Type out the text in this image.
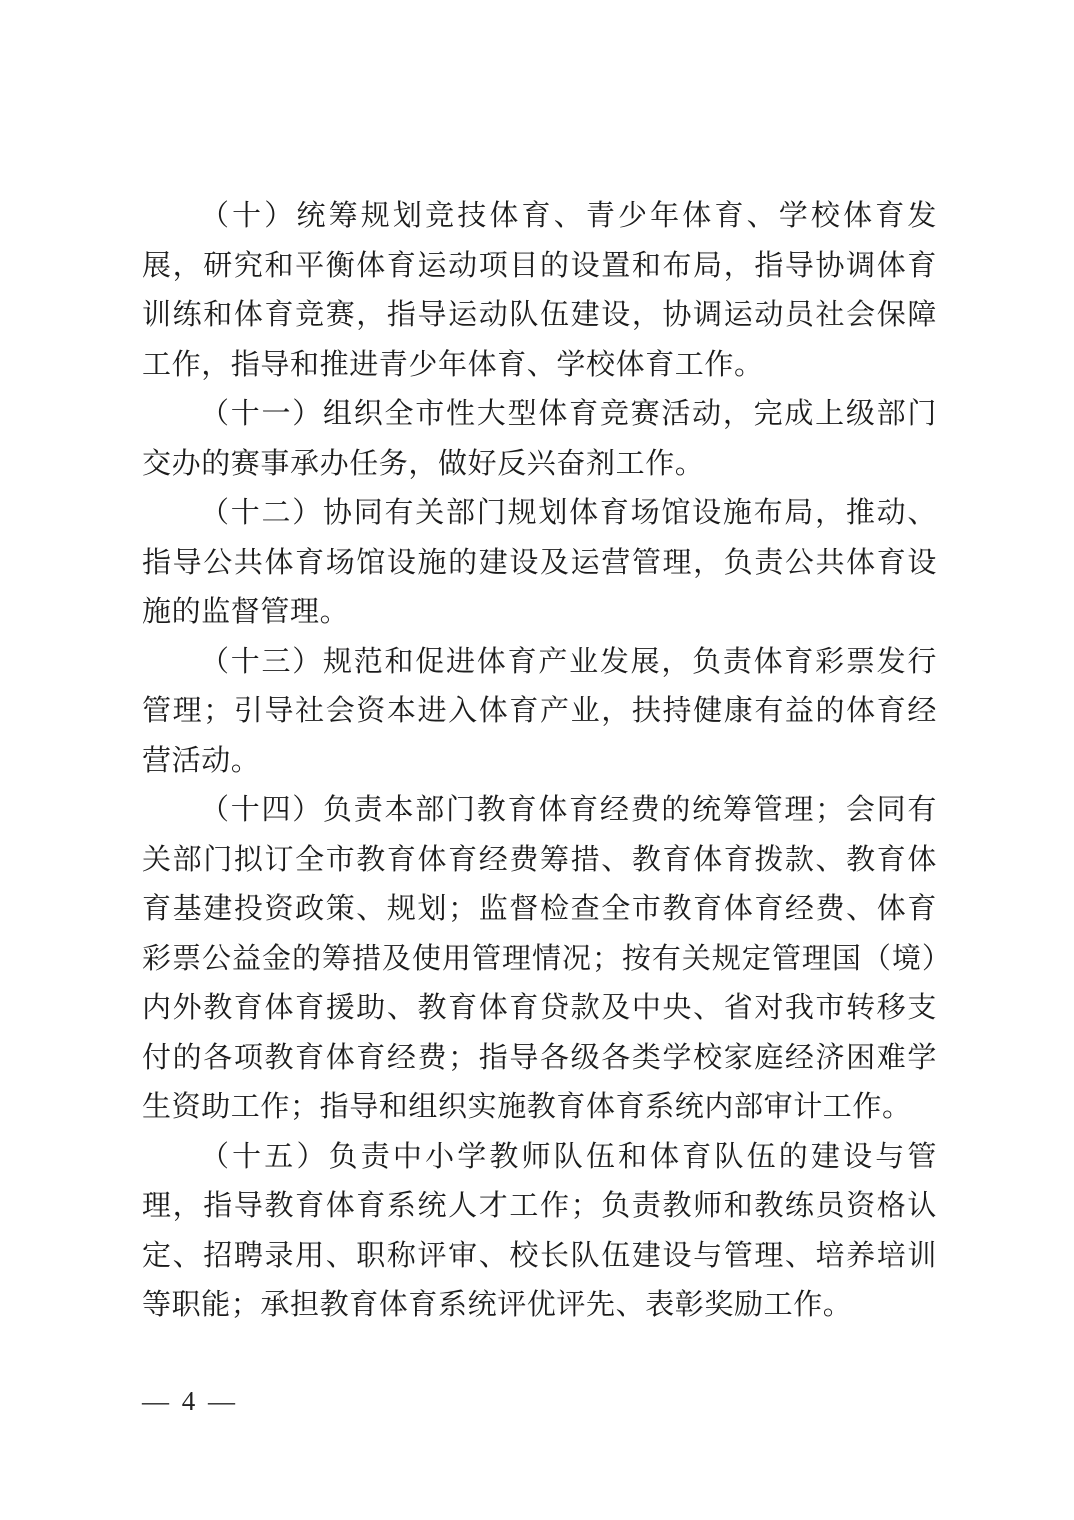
（十）统筹规划竞技体育、青少年体育、学校体育发展，研究和平衡体育运动项目的设置和布局，指导协调体育训练和体育竞赛，指导运动队伍建设，协调运动员社会保障工作，指导和推进青少年体育、学校体育工作。

（十一）组织全市性大型体育竞赛活动，完成上级部门交办的赛事承办任务，做好反兴奋剂工作。

（十二）协同有关部门规划体育场馆设施布局，推动、指导公共体育场馆设施的建设及运营管理，负责公共体育设施的监督管理。

（十三）规范和促进体育产业发展，负责体育彩票发行管理；引导社会资本进入体育产业，扶持健康有益的体育经营活动。

（十四）负责本部门教育体育经费的统筹管理；会同有关部门拟订全市教育体育经费筹措、教育体育拨款、教育体育基建投资政策、规划；监督检查全市教育体育经费、体育彩票公益金的筹措及使用管理情况；按有关规定管理国（境）内外教育体育援助、教育体育贷款及中央、省对我市转移支付的各项教育体育经费；指导各级各类学校家庭经济困难学生资助工作；指导和组织实施教育体育系统内部审计工作。

（十五）负责中小学教师队伍和体育队伍的建设与管理，指导教育体育系统人才工作；负责教师和教练员资格认定、招聘录用、职称评审、校长队伍建设与管理、培养培训等职能；承担教育体育系统评优评先、表彰奖励工作。

— 4 —
